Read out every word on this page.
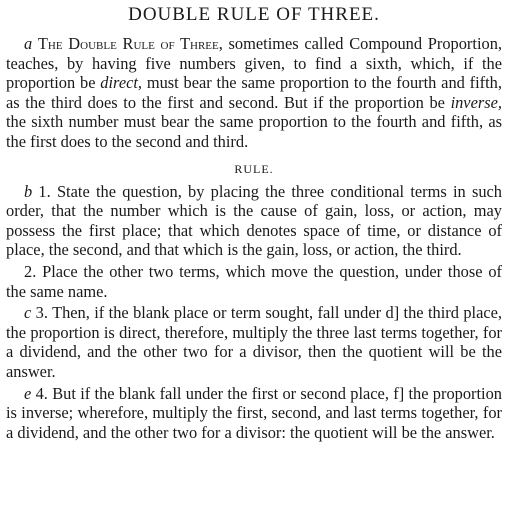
DOUBLE RULE OF THREE.

a The Double Rule of Three, sometimes called Compound Proportion, teaches, by having five numbers given, to find a sixth, which, if the proportion be direct, must bear the same proportion to the fourth and fifth, as the third does to the first and second. But if the proportion be inverse, the sixth number must bear the same proportion to the fourth and fifth, as the first does to the second and third.

RULE.

b 1. State the question, by placing the three conditional terms in such order, that the number which is the cause of gain, loss, or action, may possess the first place; that which denotes space of time, or distance of place, the second, and that which is the gain, loss, or action, the third.

2. Place the other two terms, which move the question, under those of the same name.

c 3. Then, if the blank place or term sought, fall under d] the third place, the proportion is direct, therefore, multiply the three last terms together, for a dividend, and the other two for a divisor, then the quotient will be the answer.

e 4. But if the blank fall under the first or second place, f] the proportion is inverse; wherefore, multiply the first, second, and last terms together, for a dividend, and the other two for a divisor: the quotient will be the answer.
